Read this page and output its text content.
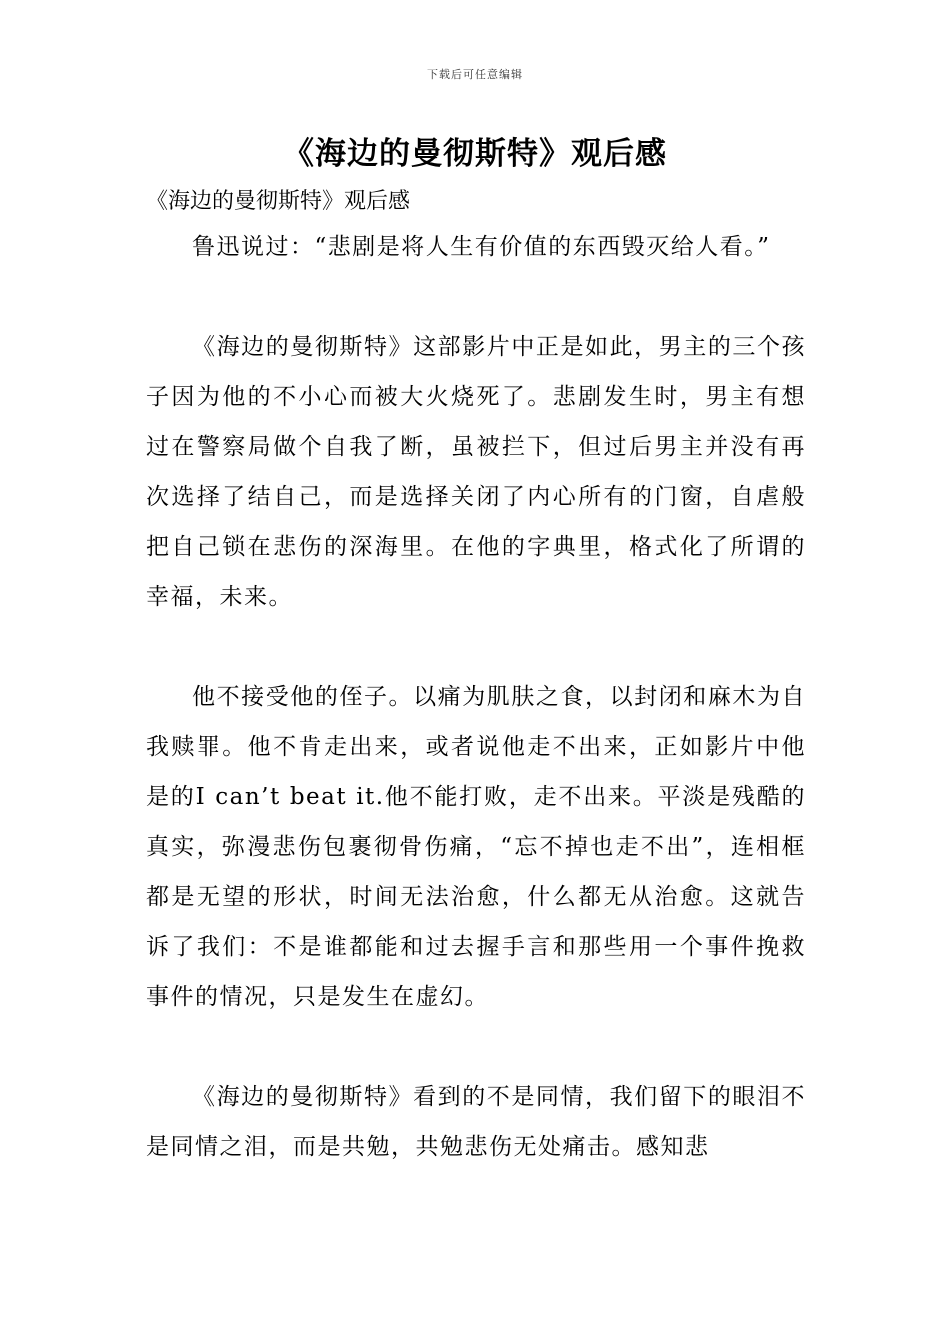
下载后可任意编辑
《海边的曼彻斯特》观后感
《海边的曼彻斯特》观后感

鲁迅说过：“悲剧是将人生有价值的东西毁灭给人看。”

《海边的曼彻斯特》这部影片中正是如此，男主的三个孩子因为他的不小心而被大火烧死了。悲剧发生时，男主有想过在警察局做个自我了断，虽被拦下，但过后男主并没有再次选择了结自己，而是选择关闭了内心所有的门窗，自虐般把自己锁在悲伤的深海里。在他的字典里，格式化了所谓的幸福，未来。

他不接受他的侄子。以痛为肌肤之食，以封闭和麻木为自我赎罪。他不肯走出来，或者说他走不出来，正如影片中他是的I can’t beat it.他不能打败，走不出来。平淡是残酷的真实，弥漫悲伤包裹彻骨伤痛，“忘不掉也走不出”，连相框都是无望的形状，时间无法治愈，什么都无从治愈。这就告诉了我们：不是谁都能和过去握手言和那些用一个事件挽救事件的情况，只是发生在虚幻。

《海边的曼彻斯特》看到的不是同情，我们留下的眼泪不是同情之泪，而是共勉，共勉悲伤无处痛击。感知悲
